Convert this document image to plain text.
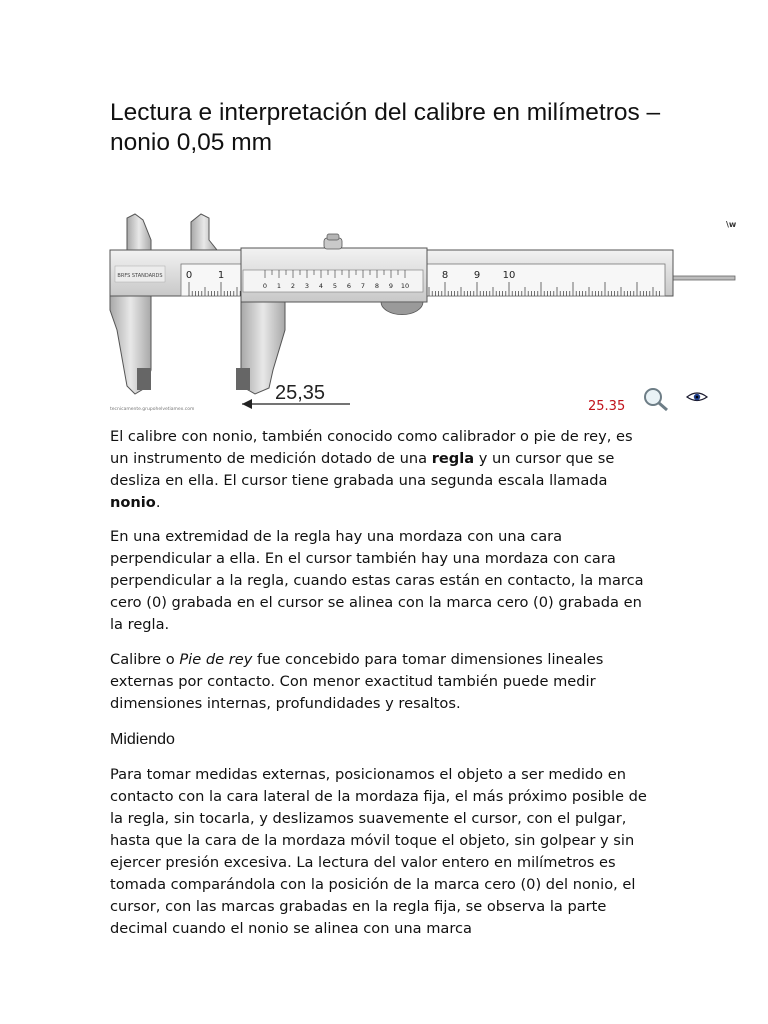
Lectura e interpretación del calibre en milímetros – nonio 0,05 mm
0	1	8	9 10
BRFS STANDARDS
0 1 2 3 4 5 6 7 8 9 10
25,35
tecnicamente.grupohelvetiamex.com	25.35
\w

El calibre con nonio, también conocido como calibrador o pie de rey, es un instrumento de medición dotado de una regla y un cursor que se desliza en ella. El cursor tiene grabada una segunda escala llamada nonio.

En una extremidad de la regla hay una mordaza con una cara perpendicular a ella. En el cursor también hay una mordaza con cara perpendicular a la regla, cuando estas caras están en contacto, la marca cero (0) grabada en el cursor se alinea con la marca cero (0) grabada en la regla.

Calibre o Pie de rey fue concebido para tomar dimensiones lineales externas por contacto. Con menor exactitud también puede medir dimensiones internas, profundidades y resaltos.

Midiendo

Para tomar medidas externas, posicionamos el objeto a ser medido en contacto con la cara lateral de la mordaza fija, el más próximo posible de la regla, sin tocarla, y deslizamos suavemente el cursor, con el pulgar, hasta que la cara de la mordaza móvil toque el objeto, sin golpear y sin ejercer presión excesiva. La lectura del valor entero en milímetros es tomada comparándola con la posición de la marca cero (0) del nonio, el cursor, con las marcas grabadas en la regla fija, se observa la parte decimal cuando el nonio se alinea con una marca
